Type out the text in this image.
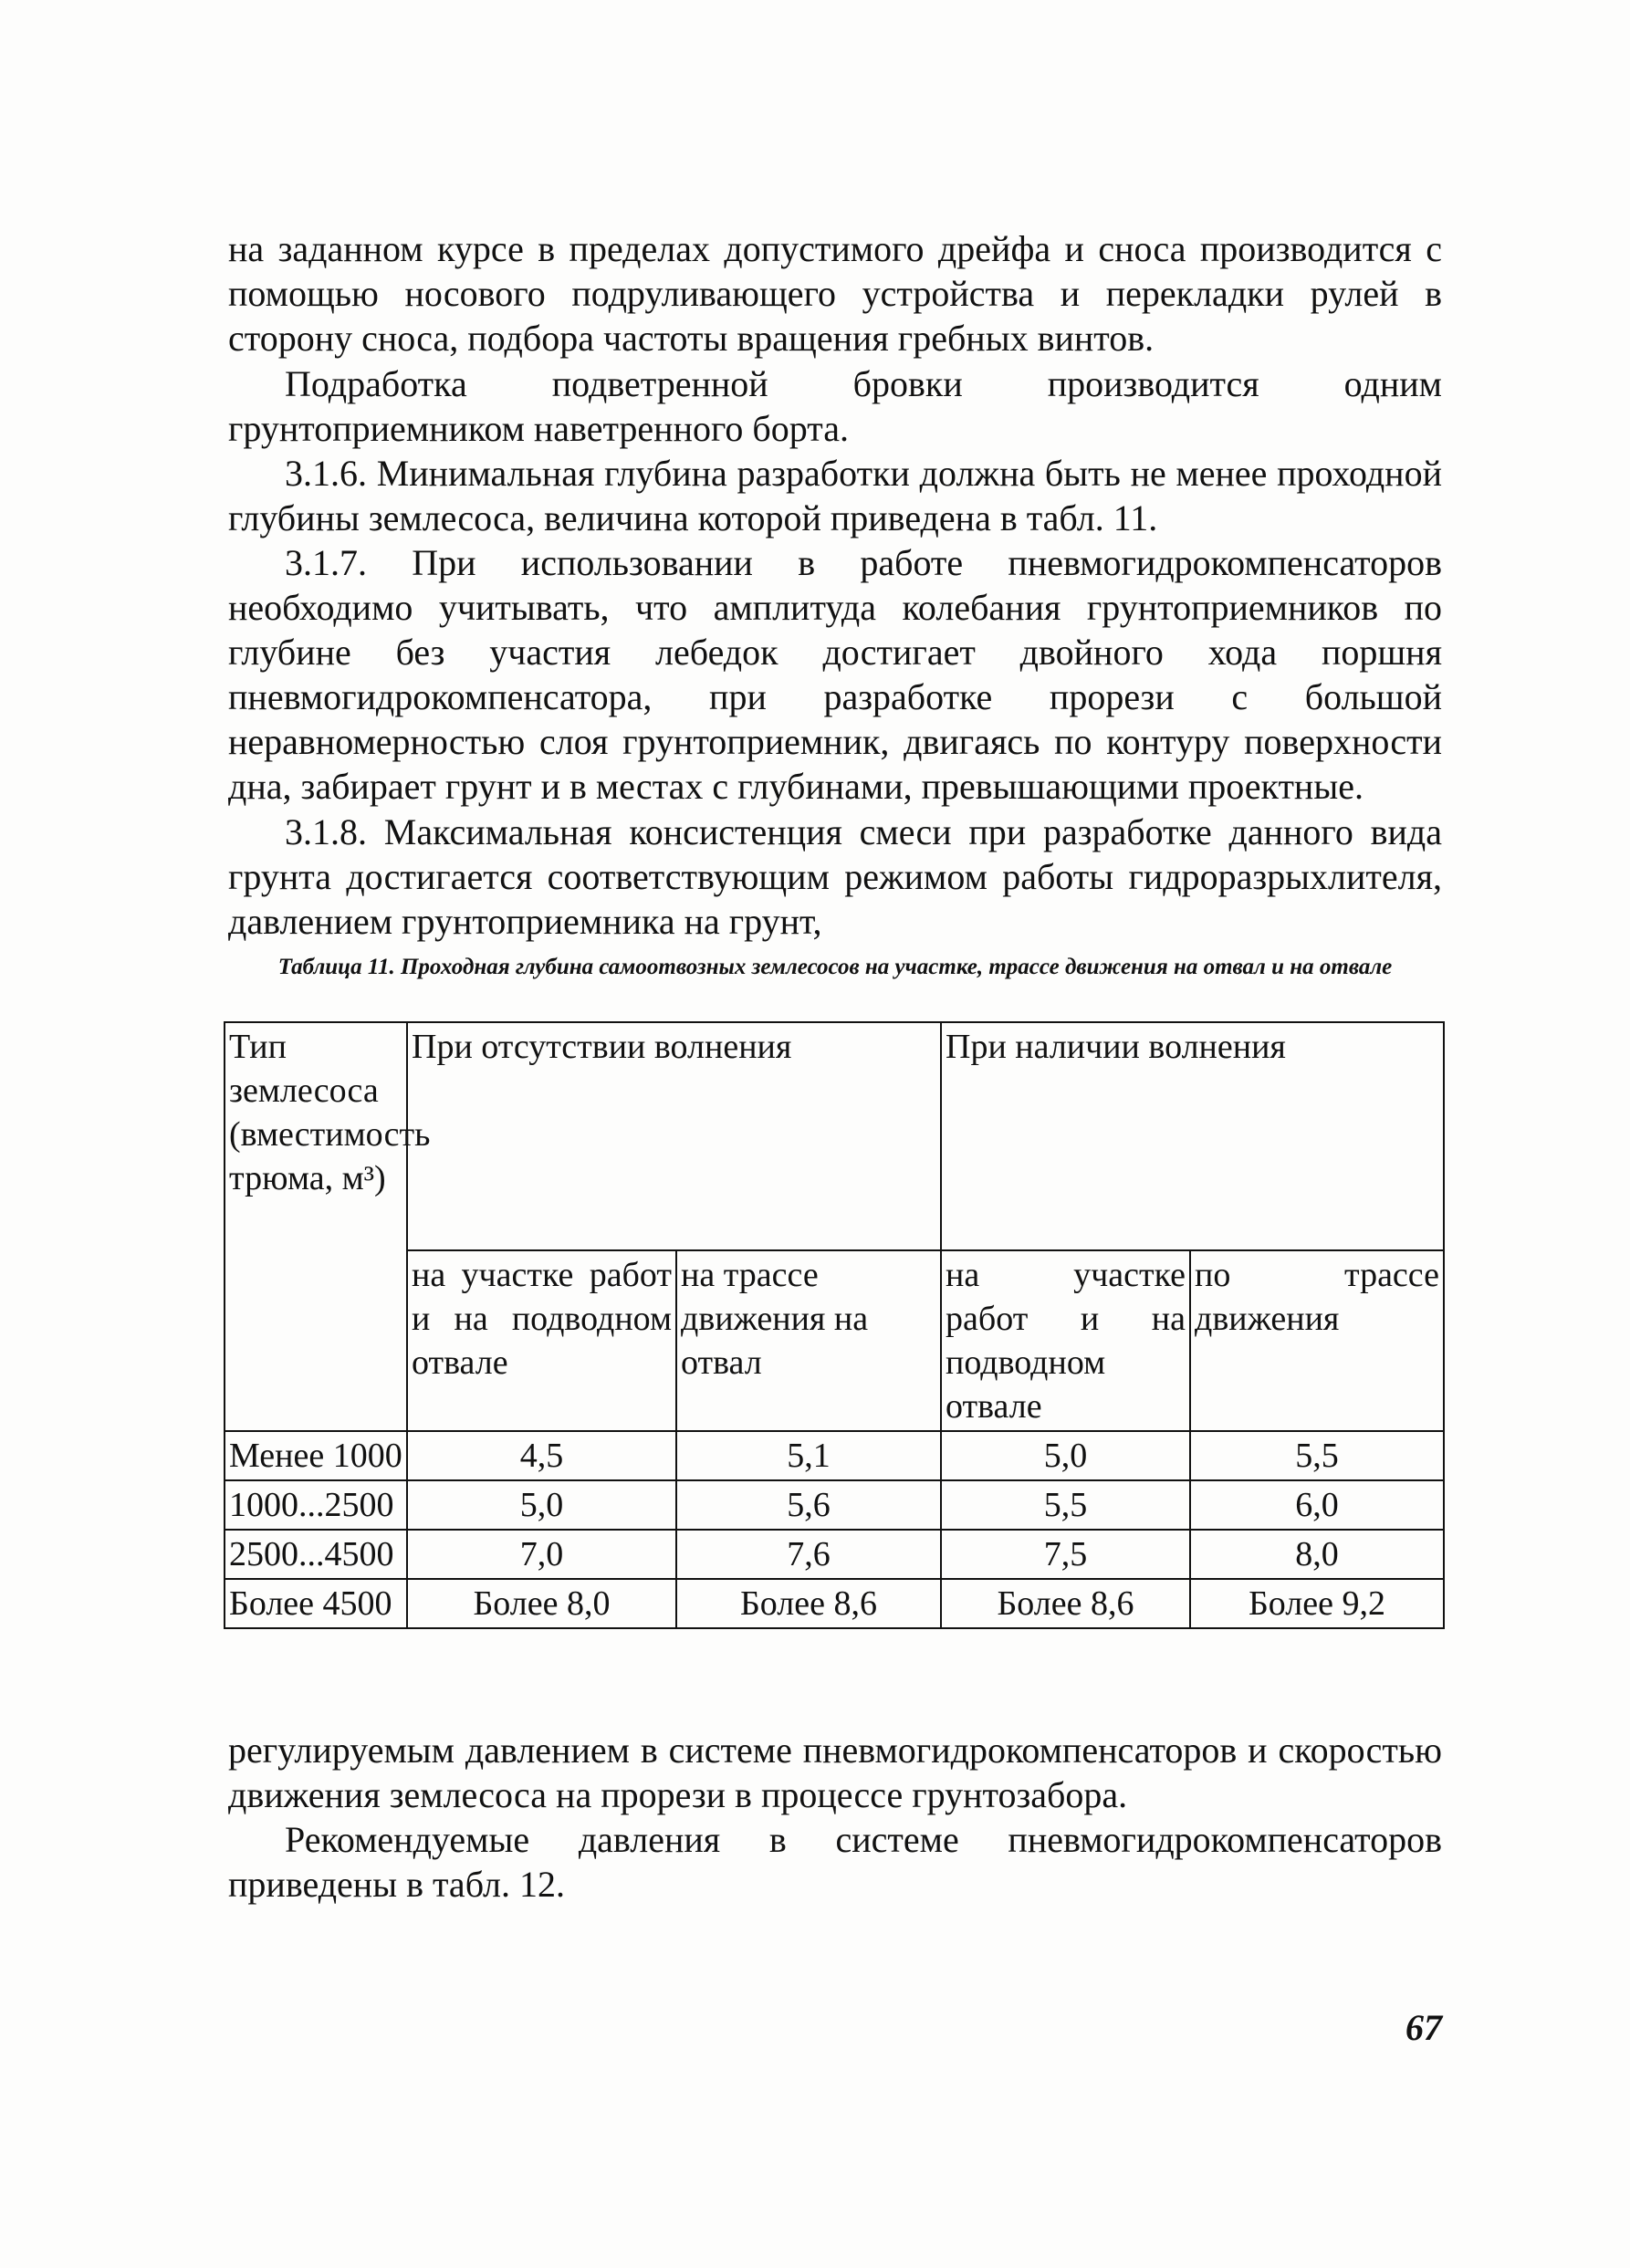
на заданном курсе в пределах допустимого дрейфа и сноса производится с помощью носового подруливающего устройства и перекладки рулей в сторону сноса, подбора частоты вращения гребных винтов.

Подработка подветренной бровки производится одним грунтоприемником наветренного борта.

3.1.6. Минимальная глубина разработки должна быть не менее проходной глубины землесоса, величина которой приведена в табл. 11.

3.1.7. При использовании в работе пневмогидрокомпенсаторов необходимо учитывать, что амплитуда колебания грунтоприемников по глубине без участия лебедок достигает двойного хода поршня пневмогидрокомпенсатора, при разработке прорези с большой неравномерностью слоя грунтоприемник, двигаясь по контуру поверхности дна, забирает грунт и в местах с глубинами, превышающими проектные.

3.1.8. Максимальная консистенция смеси при разработке данного вида грунта достигается соответствующим режимом работы гидроразрыхлителя, давлением грунтоприемника на грунт,

Таблица 11. Проходная глубина самоотвозных землесосов на участке, трассе движения на отвал и на отвале

Тип землесоса (вместимость трюма, м³)	При отсутствии волнения		При наличии волнения	
	на участке работ и на подводном отвале	на трассе движения на отвал	на участке работ и на подводном отвале	по трассе движения
Менее 1000	4,5	5,1	5,0	5,5
1000...2500	5,0	5,6	5,5	6,0
2500...4500	7,0	7,6	7,5	8,0
Более 4500	Более 8,0	Более 8,6	Более 8,6	Более 9,2

регулируемым давлением в системе пневмогидрокомпенсаторов и скоростью движения землесоса на прорези в процессе грунтозабора.

Рекомендуемые давления в системе пневмогидрокомпенсаторов приведены в табл. 12.

67
